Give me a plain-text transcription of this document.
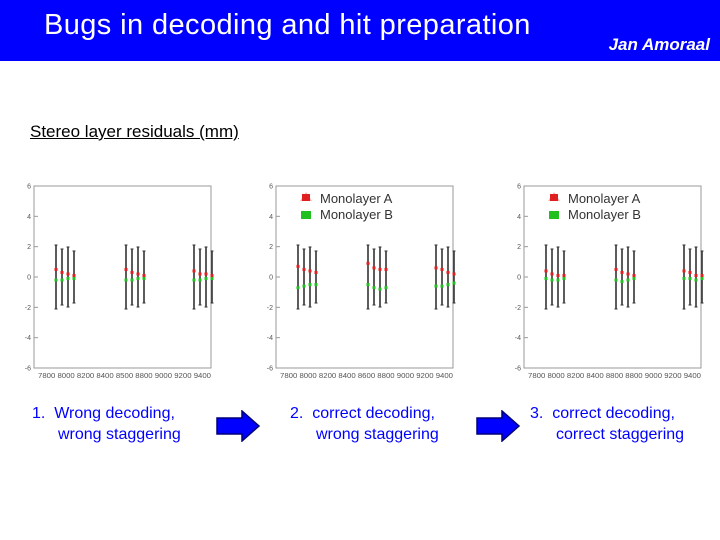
Bugs in decoding and hit preparation
Jan Amoraal
Stereo layer residuals (mm)
6
4
2
0
-2
-4
-6
7800 8000 8200 8400 8500 8800 9000 9200 9400
6
4
2
0
-2
-4
-6
7800 8000 8200 8400 8600 8800 9000 9200 9400
Monolayer A
Monolayer B
6
4
2
0
-2
-4
-6
7800 8000 8200 8400 8800 8800 9000 9200 9400
Monolayer A
Monolayer B
1. Wrong decoding,
wrong staggering
2. correct decoding,
wrong staggering
3. correct decoding,
correct staggering
